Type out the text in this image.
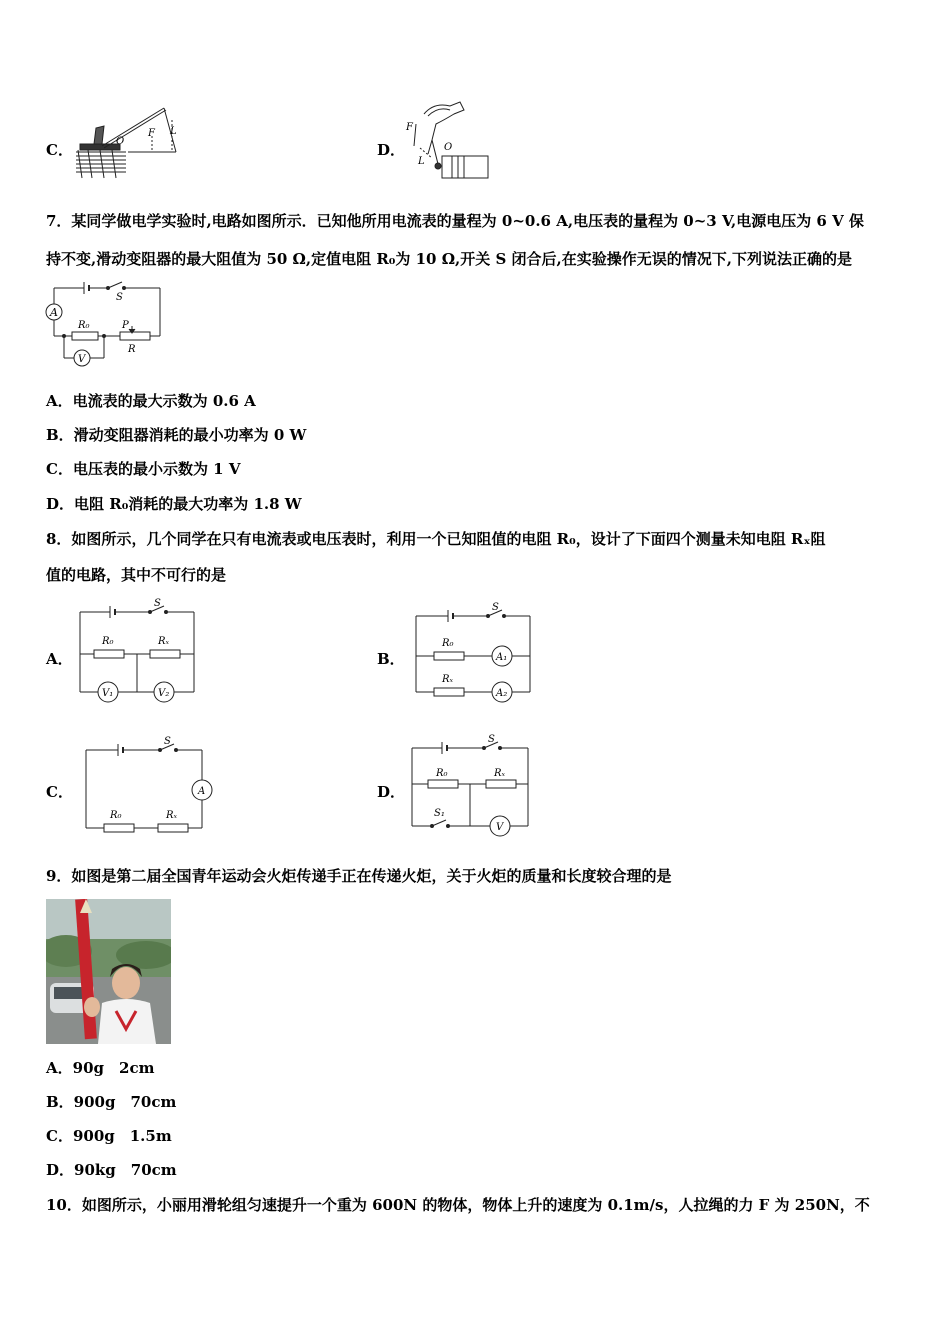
C．	O
F L
D．
F
L
O
7．某同学做电学实验时,电路如图所示．已知他所用电流表的量程为 0~0.6 A,电压表的量程为 0~3 V,电源电压为 6 V 保
持不变,滑动变阻器的最大阻值为 50 Ω,定值电阻 R₀为 10 Ω,开关 S 闭合后,在实验操作无误的情况下,下列说法正确的是
S
A
R₀	P
R
V
A．电流表的最大示数为 0.6 A
B．滑动变阻器消耗的最小功率为 0 W
C．电压表的最小示数为 1 V
D．电阻 R₀消耗的最大功率为 1.8 W
8．如图所示，几个同学在只有电流表或电压表时，利用一个已知阻值的电阻 R₀，设计了下面四个测量未知电阻 Rₓ阻
值的电路，其中不可行的是
A．
S
R₀	Rₓ
V₁	V₂
B．
S
R₀
A₁
Rₓ
A₂
C．
S
A
R₀	Rₓ
D．
S
R₀	Rₓ
S₁
V
9．如图是第二届全国青年运动会火炬传递手正在传递火炬，关于火炬的质量和长度较合理的是
A．90g　2cm
B．900g　70cm
C．900g　1.5m
D．90kg　70cm
10．如图所示，小丽用滑轮组匀速提升一个重为 600N 的物体，物体上升的速度为 0.1m/s，人拉绳的力 F 为 250N，不
